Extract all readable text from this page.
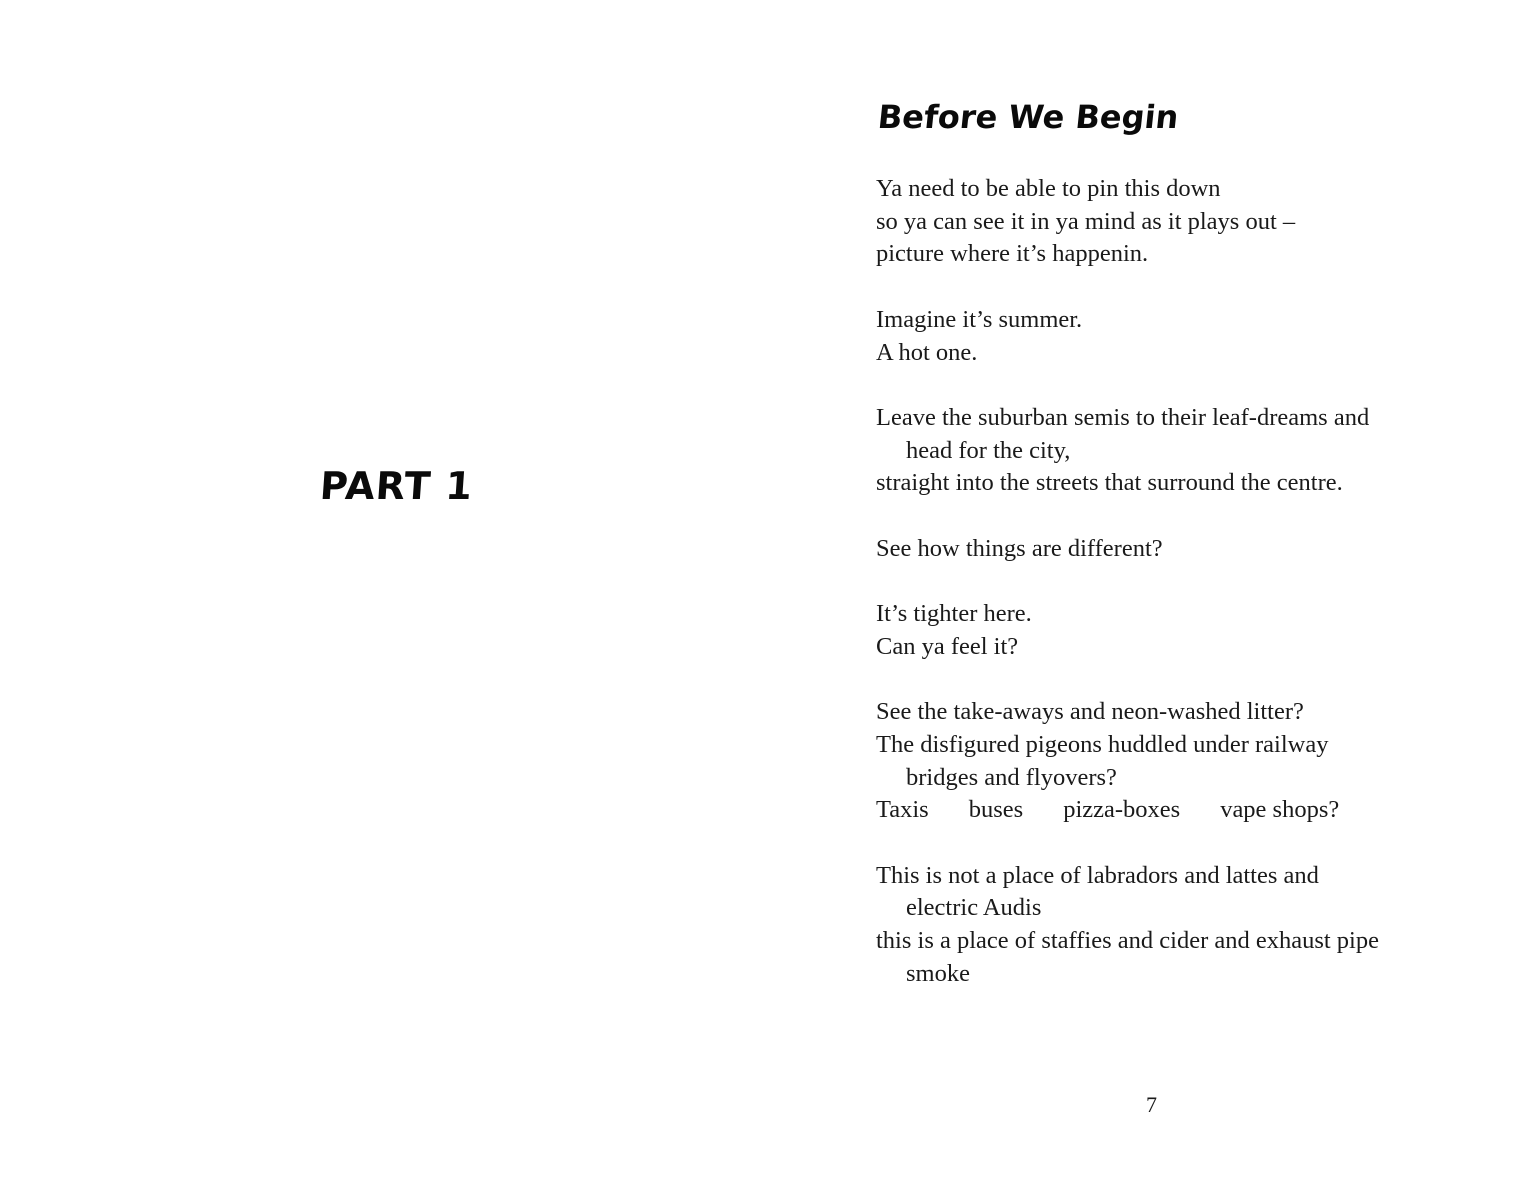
PART 1
Before We Begin

Ya need to be able to pin this down
so ya can see it in ya mind as it plays out –
picture where it’s happenin.

Imagine it’s summer.
A hot one.

Leave the suburban semis to their leaf-dreams and
head for the city,
straight into the streets that surround the centre.

See how things are different?

It’s tighter here.
Can ya feel it?

See the take-aways and neon-washed litter?
The disfigured pigeons huddled under railway
bridges and flyovers?
Taxis buses pizza-boxes vape shops?

This is not a place of labradors and lattes and
electric Audis
this is a place of staffies and cider and exhaust pipe
smoke

7
